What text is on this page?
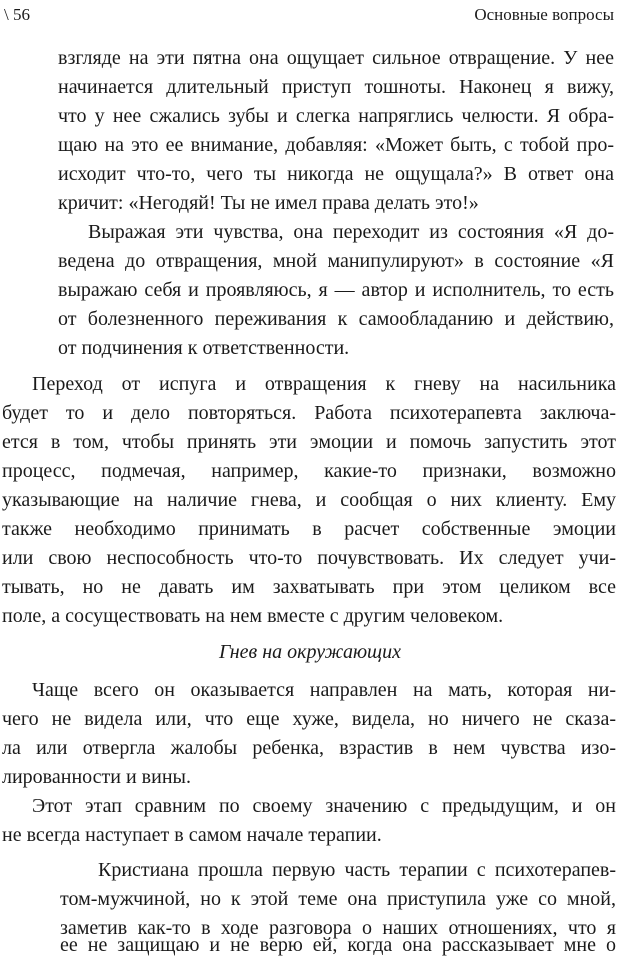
\ 56	Основные вопросы
взгляде на эти пятна она ощущает сильное отвращение. У нее
начинается длительный приступ тошноты. Наконец я вижу,
что у нее сжались зубы и слегка напряглись челюсти. Я обра-
щаю на это ее внимание, добавляя: «Может быть, с тобой про-
исходит что-то, чего ты никогда не ощущала?» В ответ она
кричит: «Негодяй! Ты не имел права делать это!»
Выражая эти чувства, она переходит из состояния «Я до-
ведена до отвращения, мной манипулируют» в состояние «Я
выражаю себя и проявляюсь, я — автор и исполнитель, то есть
от болезненного переживания к самообладанию и действию,
от подчинения к ответственности.
Переход от испуга и отвращения к гневу на насильника
будет то и дело повторяться. Работа психотерапевта заключа-
ется в том, чтобы принять эти эмоции и помочь запустить этот
процесс, подмечая, например, какие-то признаки, возможно
указывающие на наличие гнева, и сообщая о них клиенту. Ему
также необходимо принимать в расчет собственные эмоции
или свою неспособность что-то почувствовать. Их следует учи-
тывать, но не давать им захватывать при этом целиком все
поле, а сосуществовать на нем вместе с другим человеком.
Гнев на окружающих
Чаще всего он оказывается направлен на мать, которая ни-
чего не видела или, что еще хуже, видела, но ничего не сказа-
ла или отвергла жалобы ребенка, взрастив в нем чувства изо-
лированности и вины.
Этот этап сравним по своему значению с предыдущим, и он
не всегда наступает в самом начале терапии.
Кристиана прошла первую часть терапии с психотерапев-
том-мужчиной, но к этой теме она приступила уже со мной,
заметив как-то в ходе разговора о наших отношениях, что я
ее не защищаю и не верю ей, когда она рассказывает мне о
